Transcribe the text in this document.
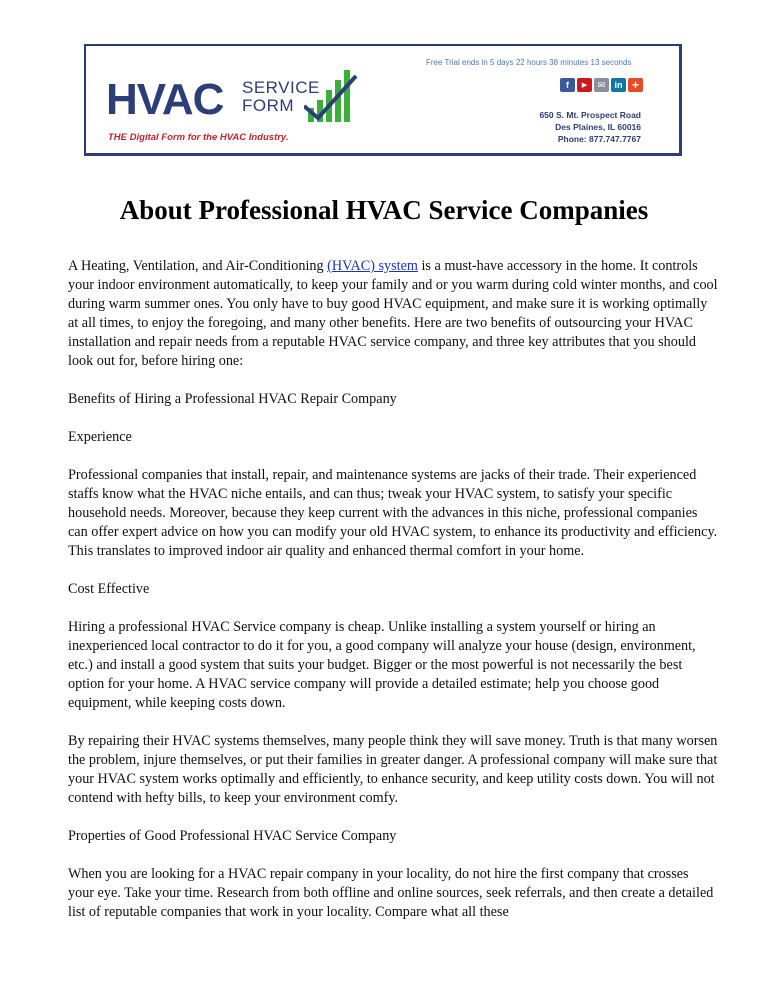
Free Trial ends in 5 days 22 hours 38 minutes 13 seconds
HVAC SERVICE
FORM
THE Digital Form for the HVAC Industry.
f	▶	✉	in +
650 S. Mt. Prospect Road
Des Plaines, IL 60016
Phone: 877.747.7767
About Professional HVAC Service Companies

A Heating, Ventilation, and Air-Conditioning (HVAC) system is a must-have accessory in the home. It controls your indoor environment automatically, to keep your family and or you warm during cold winter months, and cool during warm summer ones. You only have to buy good HVAC equipment, and make sure it is working optimally at all times, to enjoy the foregoing, and many other benefits. Here are two benefits of outsourcing your HVAC installation and repair needs from a reputable HVAC service company, and three key attributes that you should look out for, before hiring one:

Benefits of Hiring a Professional HVAC Repair Company

Experience

Professional companies that install, repair, and maintenance systems are jacks of their trade. Their experienced staffs know what the HVAC niche entails, and can thus; tweak your HVAC system, to satisfy your specific household needs. Moreover, because they keep current with the advances in this niche, professional companies can offer expert advice on how you can modify your old HVAC system, to enhance its productivity and efficiency. This translates to improved indoor air quality and enhanced thermal comfort in your home.

Cost Effective

Hiring a professional HVAC Service company is cheap. Unlike installing a system yourself or hiring an inexperienced local contractor to do it for you, a good company will analyze your house (design, environment, etc.) and install a good system that suits your budget. Bigger or the most powerful is not necessarily the best option for your home. A HVAC service company will provide a detailed estimate; help you choose good equipment, while keeping costs down.

By repairing their HVAC systems themselves, many people think they will save money. Truth is that many worsen the problem, injure themselves, or put their families in greater danger. A professional company will make sure that your HVAC system works optimally and efficiently, to enhance security, and keep utility costs down. You will not contend with hefty bills, to keep your environment comfy.

Properties of Good Professional HVAC Service Company

When you are looking for a HVAC repair company in your locality, do not hire the first company that crosses your eye. Take your time. Research from both offline and online sources, seek referrals, and then create a detailed list of reputable companies that work in your locality. Compare what all these
